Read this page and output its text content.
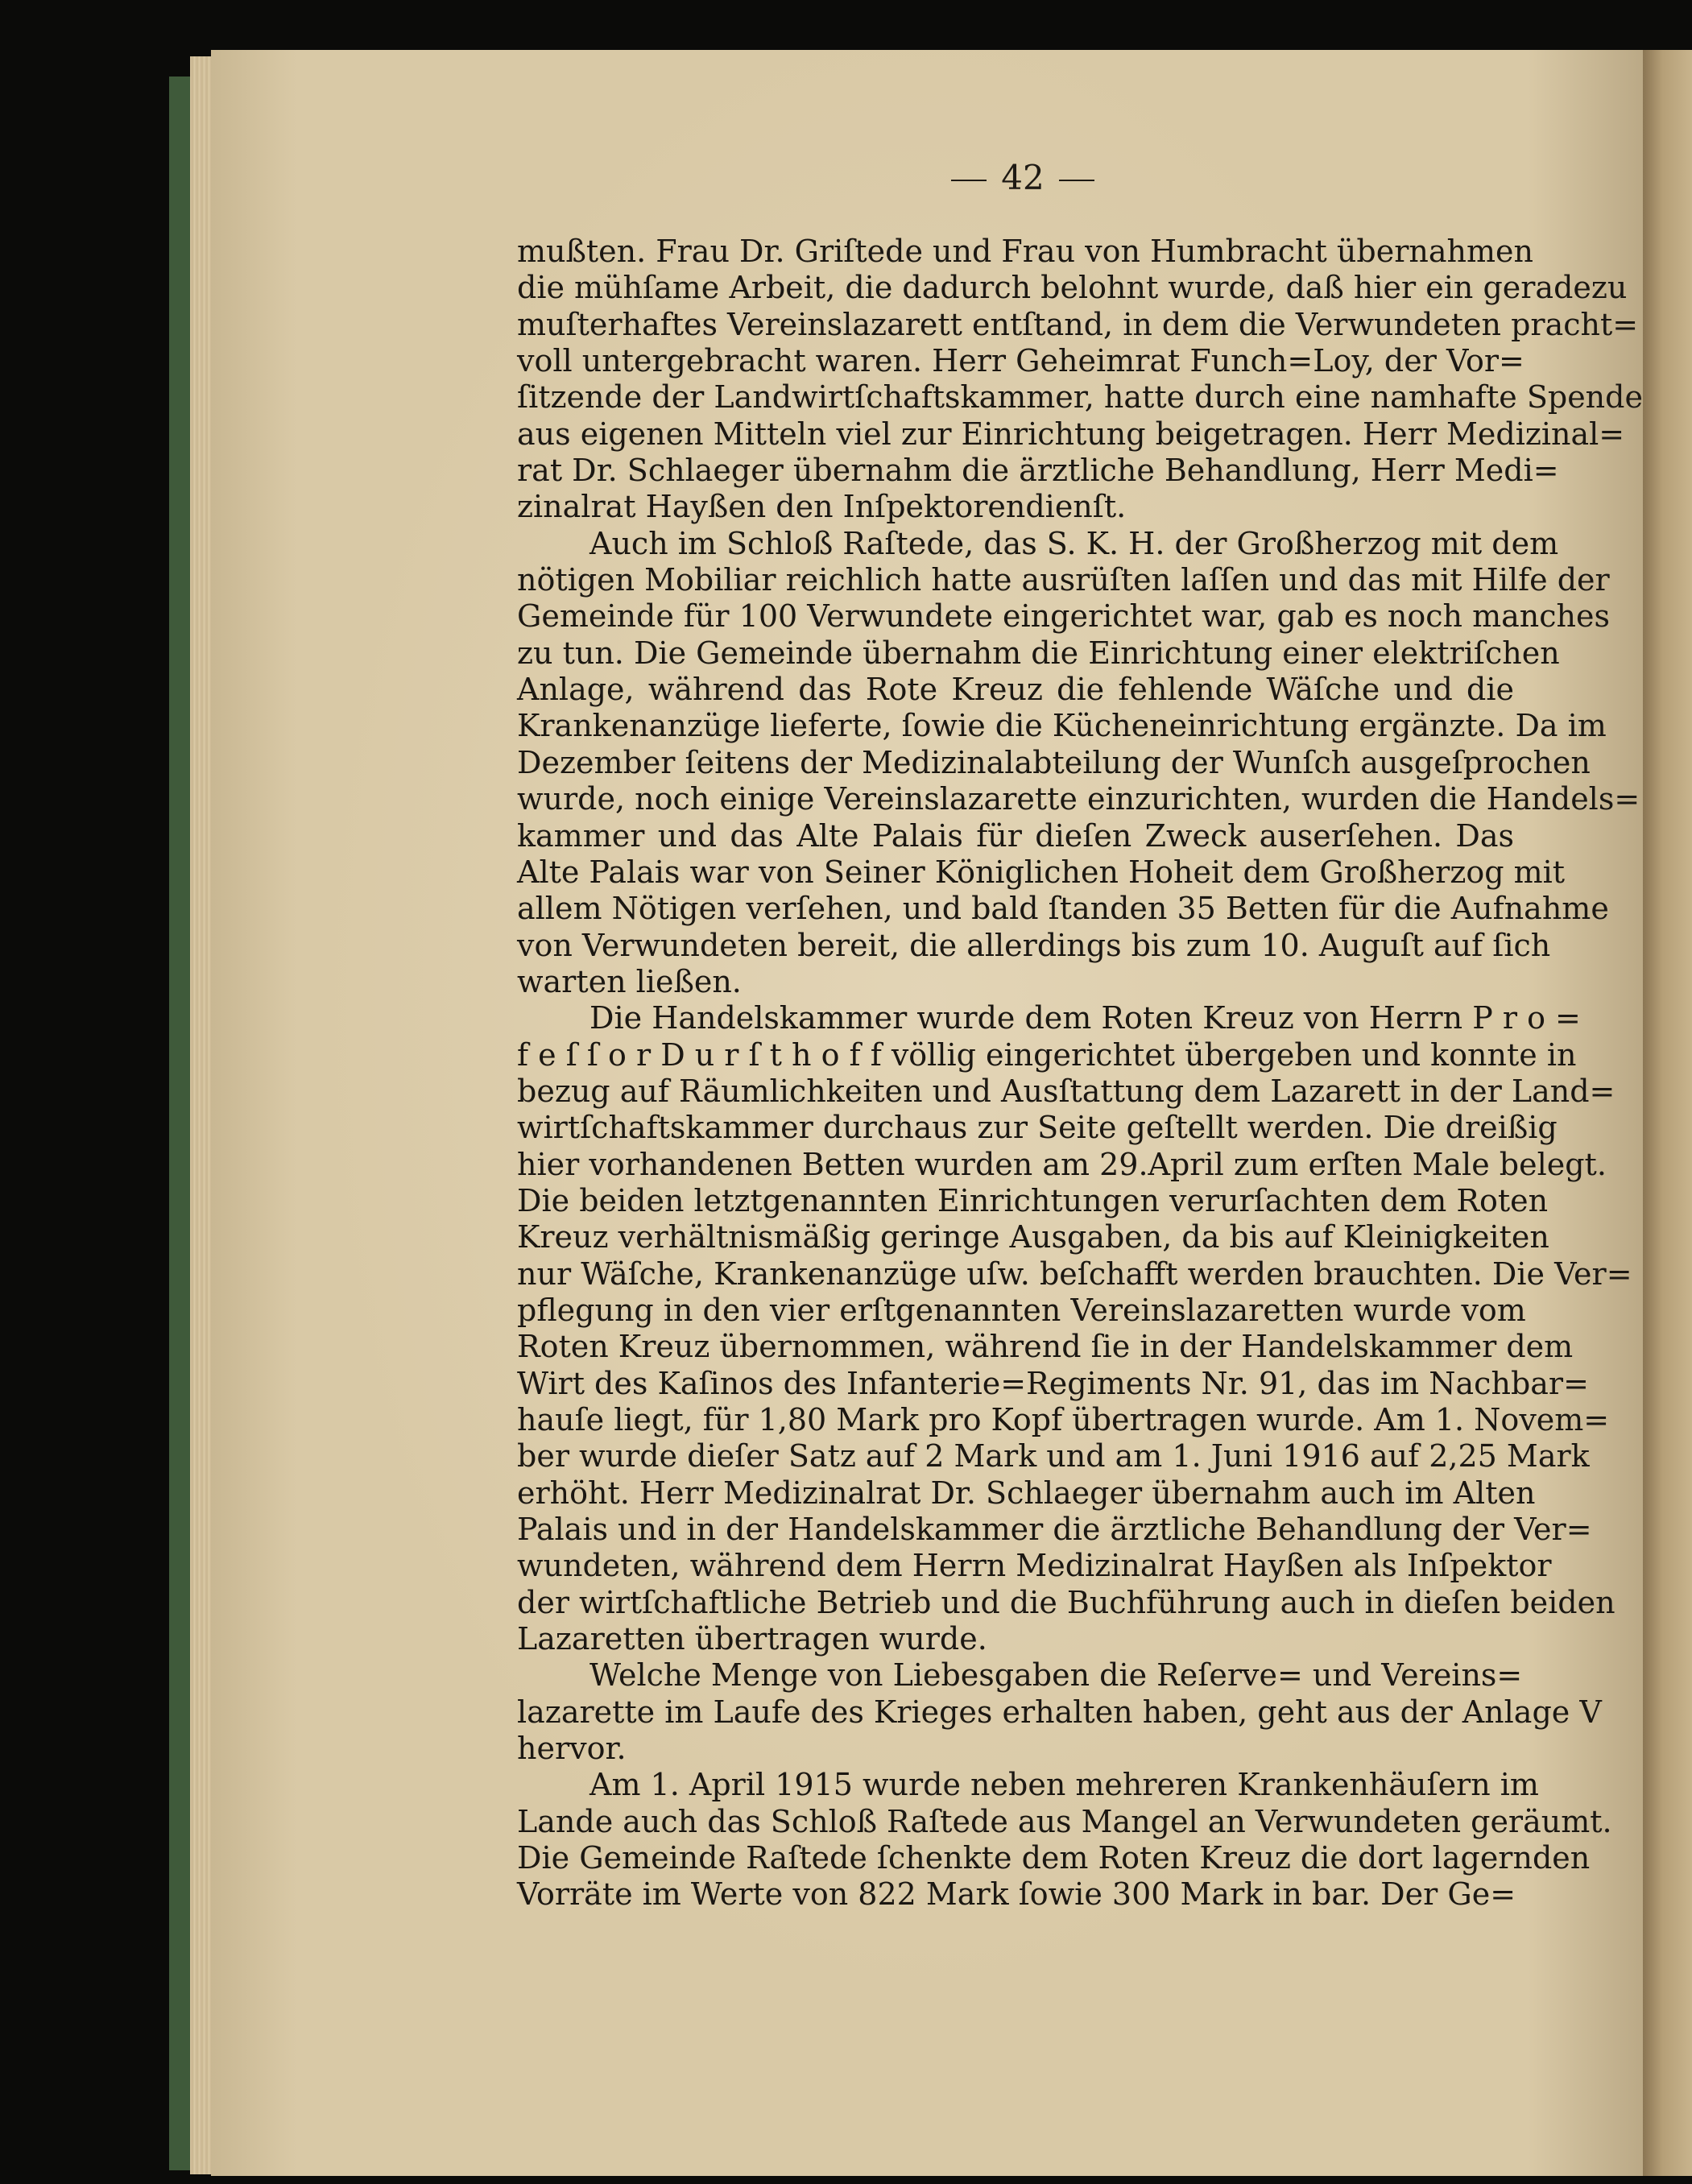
42
mußten. Frau Dr. Griſtede und Frau von Humbracht übernahmen
die mühſame Arbeit, die dadurch belohnt wurde, daß hier ein geradezu
muſterhaftes Vereinslazarett entſtand, in dem die Verwundeten pracht=
voll untergebracht waren. Herr Geheimrat Funch=Loy, der Vor=
ſitzende der Landwirtſchaftskammer, hatte durch eine namhafte Spende
aus eigenen Mitteln viel zur Einrichtung beigetragen. Herr Medizinal=
rat Dr. Schlaeger übernahm die ärztliche Behandlung, Herr Medi=
zinalrat Hayßen den Inſpektorendienſt.
Auch im Schloß Raſtede, das S. K. H. der Großherzog mit dem
nötigen Mobiliar reichlich hatte ausrüſten laſſen und das mit Hilfe der
Gemeinde für 100 Verwundete eingerichtet war, gab es noch manches
zu tun. Die Gemeinde übernahm die Einrichtung einer elektriſchen
Anlage, während das Rote Kreuz die fehlende Wäſche und die
Krankenanzüge lieferte, ſowie die Kücheneinrichtung ergänzte. Da im
Dezember ſeitens der Medizinalabteilung der Wunſch ausgeſprochen
wurde, noch einige Vereinslazarette einzurichten, wurden die Handels=
kammer und das Alte Palais für dieſen Zweck auserſehen. Das
Alte Palais war von Seiner Königlichen Hoheit dem Großherzog mit
allem Nötigen verſehen, und bald ſtanden 35 Betten für die Aufnahme
von Verwundeten bereit, die allerdings bis zum 10. Auguſt auf ſich
warten ließen.
Die Handelskammer wurde dem Roten Kreuz von Herrn P r o =
f e ſ ſ o r D u r ſ t h o f f völlig eingerichtet übergeben und konnte in
bezug auf Räumlichkeiten und Ausſtattung dem Lazarett in der Land=
wirtſchaftskammer durchaus zur Seite geſtellt werden. Die dreißig
hier vorhandenen Betten wurden am 29.April zum erſten Male belegt.
Die beiden letztgenannten Einrichtungen verurſachten dem Roten
Kreuz verhältnismäßig geringe Ausgaben, da bis auf Kleinigkeiten
nur Wäſche, Krankenanzüge uſw. beſchafft werden brauchten. Die Ver=
pflegung in den vier erſtgenannten Vereinslazaretten wurde vom
Roten Kreuz übernommen, während ſie in der Handelskammer dem
Wirt des Kaſinos des Infanterie=Regiments Nr. 91, das im Nachbar=
hauſe liegt, für 1,80 Mark pro Kopf übertragen wurde. Am 1. Novem=
ber wurde dieſer Satz auf 2 Mark und am 1. Juni 1916 auf 2,25 Mark
erhöht. Herr Medizinalrat Dr. Schlaeger übernahm auch im Alten
Palais und in der Handelskammer die ärztliche Behandlung der Ver=
wundeten, während dem Herrn Medizinalrat Hayßen als Inſpektor
der wirtſchaftliche Betrieb und die Buchführung auch in dieſen beiden
Lazaretten übertragen wurde.
Welche Menge von Liebesgaben die Reſerve= und Vereins=
lazarette im Laufe des Krieges erhalten haben, geht aus der Anlage V
hervor.
Am 1. April 1915 wurde neben mehreren Krankenhäuſern im
Lande auch das Schloß Raſtede aus Mangel an Verwundeten geräumt.
Die Gemeinde Raſtede ſchenkte dem Roten Kreuz die dort lagernden
Vorräte im Werte von 822 Mark ſowie 300 Mark in bar. Der Ge=
